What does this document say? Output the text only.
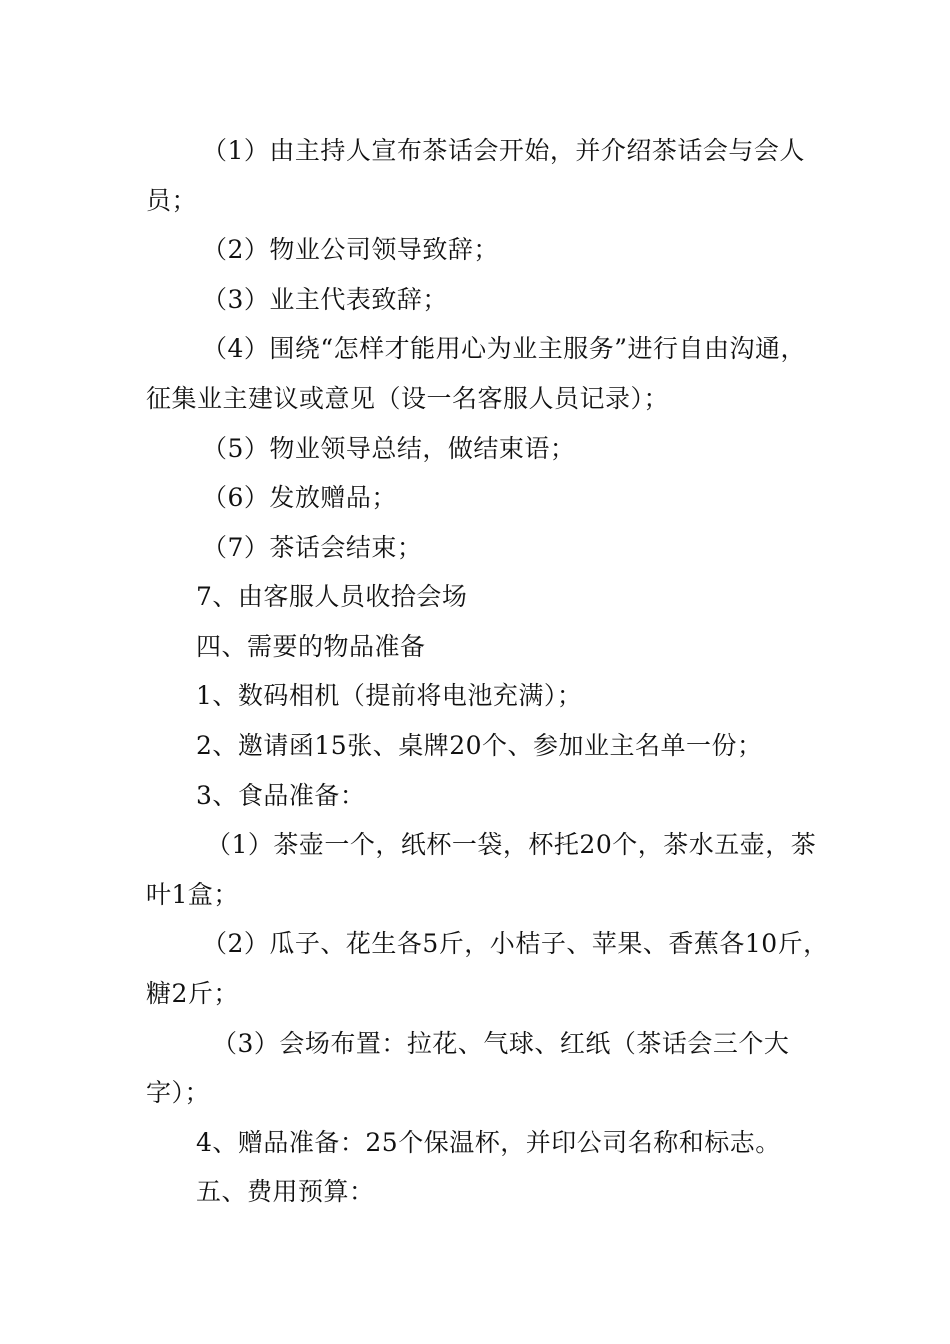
（1）由主持人宣布茶话会开始，并介绍茶话会与会人
员；
（2）物业公司领导致辞；
（3）业主代表致辞；
（4）围绕“怎样才能用心为业主服务”进行自由沟通，
征集业主建议或意见（设一名客服人员记录）；
（5）物业领导总结，做结束语；
（6）发放赠品；
（7）茶话会结束；
7、由客服人员收拾会场
四、需要的物品准备
1、数码相机（提前将电池充满）；
2、邀请函15张、桌牌20个、参加业主名单一份；
3、食品准备：
（1）茶壶一个，纸杯一袋，杯托20个，茶水五壶，茶
叶1盒；
（2）瓜子、花生各5斤，小桔子、苹果、香蕉各10斤，
糖2斤；
（3）会场布置：拉花、气球、红纸（茶话会三个大
字）；
4、赠品准备：25个保温杯，并印公司名称和标志。
五、费用预算：
